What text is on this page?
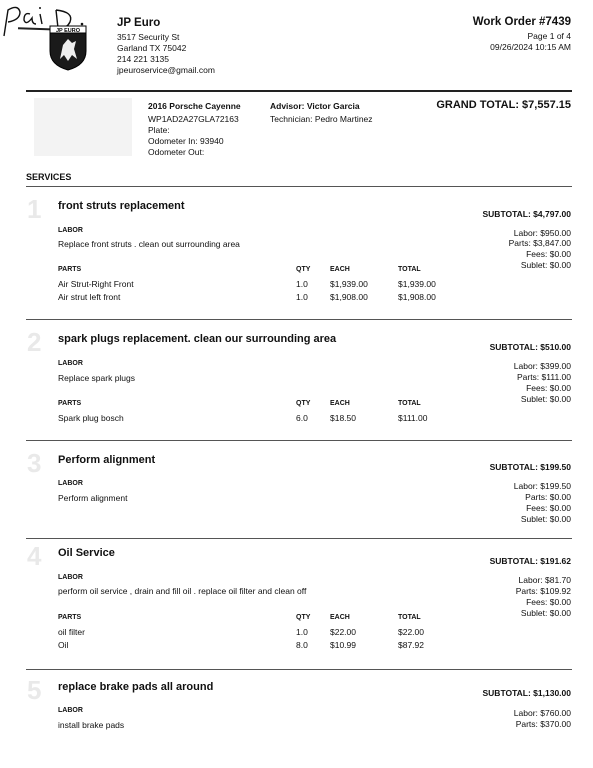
JP EURO
JP Euro
3517 Security St
Garland TX 75042
214 221 3135
jpeuroservice@gmail.com
Work Order #7439
Page 1 of 4
09/26/2024 10:15 AM
2016 Porsche Cayenne
WP1AD2A27GLA72163
Plate:
Odometer In: 93940
Odometer Out:
Advisor: Victor Garcia
Technician: Pedro Martinez
GRAND TOTAL: $7,557.15
paid.
SERVICES
1 front struts replacement
SUBTOTAL: $4,797.00
LABOR
Replace front struts . clean out surrounding area
Labor: $950.00
Parts: $3,847.00
Fees: $0.00
Sublet: $0.00
PARTS	QTY	EACH	TOTAL
Air Strut-Right Front	1.0	$1,939.00	$1,939.00
Air strut left front	1.0	$1,908.00	$1,908.00
2 spark plugs replacement. clean our surrounding area
SUBTOTAL: $510.00
LABOR
Replace spark plugs
Labor: $399.00
Parts: $111.00
Fees: $0.00
Sublet: $0.00
PARTS	QTY	EACH	TOTAL
Spark plug bosch	6.0	$18.50	$111.00
3 Perform alignment
SUBTOTAL: $199.50
LABOR
Perform alignment
Labor: $199.50
Parts: $0.00
Fees: $0.00
Sublet: $0.00
4 Oil Service
SUBTOTAL: $191.62
LABOR
perform oil service , drain and fill oil . replace oil filter and clean off
Labor: $81.70
Parts: $109.92
Fees: $0.00
Sublet: $0.00
PARTS	QTY	EACH	TOTAL
oil filter	1.0	$22.00	$22.00
Oil	8.0	$10.99	$87.92
5 replace brake pads all around	SUBTOTAL: $1,130.00
LABOR
install brake pads
Labor: $760.00
Parts: $370.00
